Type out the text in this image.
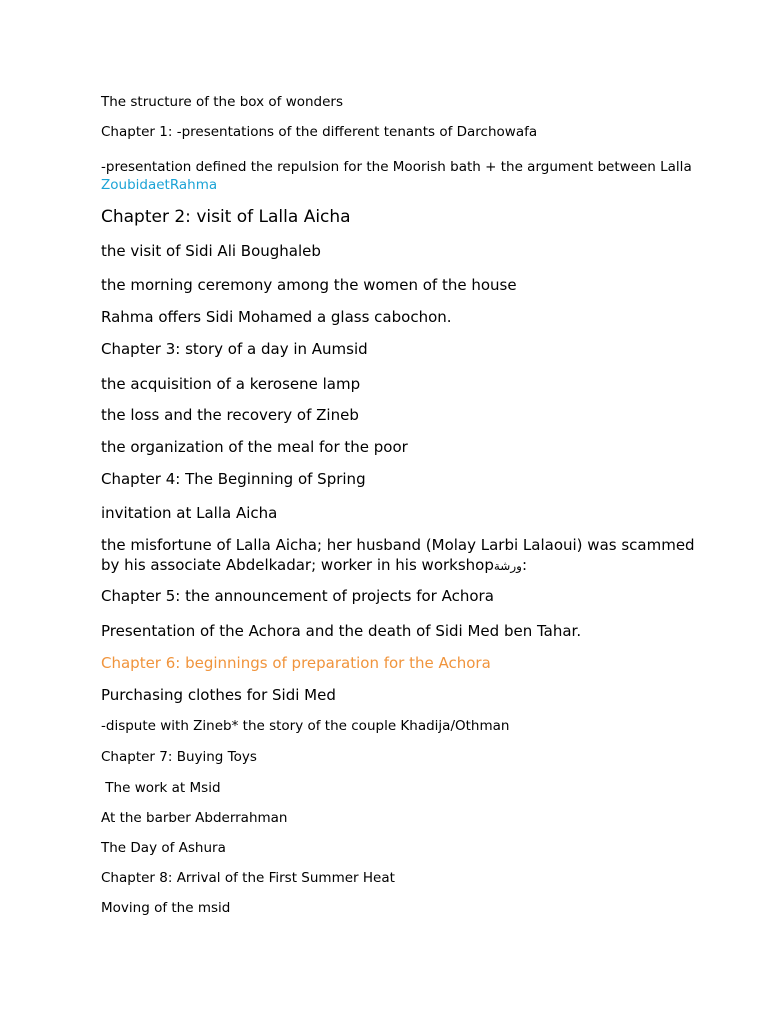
The structure of the box of wonders

Chapter 1: -presentations of the different tenants of Darchowafa

-presentation defined the repulsion for the Moorish bath + the argument between Lalla

ZoubidaetRahma

Chapter 2: visit of Lalla Aicha

the visit of Sidi Ali Boughaleb

the morning ceremony among the women of the house

Rahma offers Sidi Mohamed a glass cabochon.

Chapter 3: story of a day in Aumsid

the acquisition of a kerosene lamp

the loss and the recovery of Zineb

the organization of the meal for the poor

Chapter 4: The Beginning of Spring

invitation at Lalla Aicha

the misfortune of Lalla Aicha; her husband (Molay Larbi Lalaoui) was scammed

by his associate Abdelkadar; worker in his workshopورشة:

Chapter 5: the announcement of projects for Achora

Presentation of the Achora and the death of Sidi Med ben Tahar.

Chapter 6: beginnings of preparation for the Achora

Purchasing clothes for Sidi Med

-dispute with Zineb* the story of the couple Khadija/Othman

Chapter 7: Buying Toys

The work at Msid

At the barber Abderrahman

The Day of Ashura

Chapter 8: Arrival of the First Summer Heat

Moving of the msid
